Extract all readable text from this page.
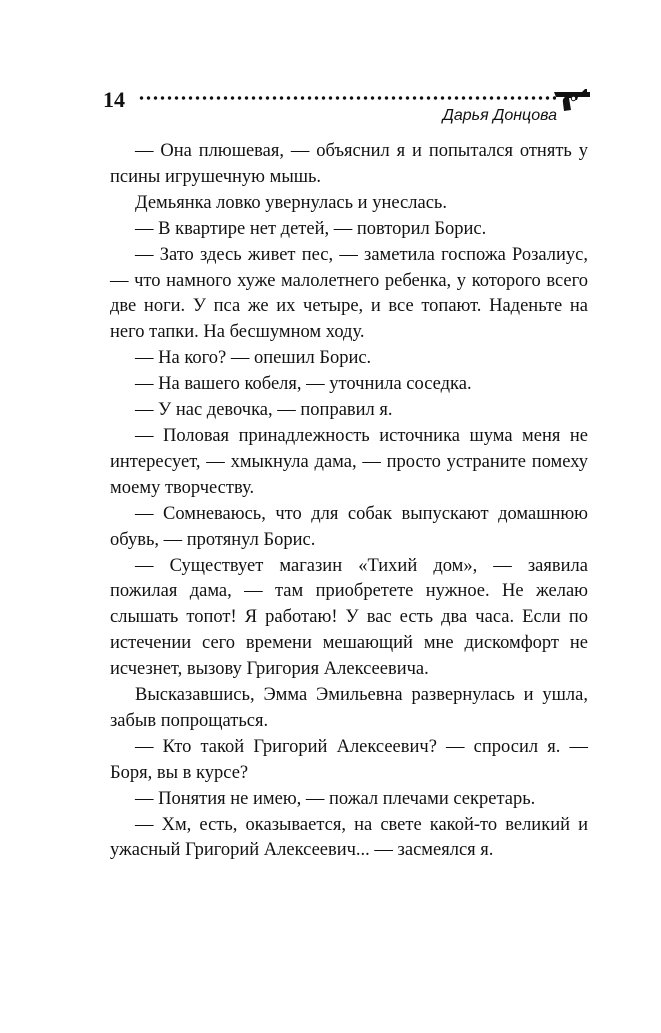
14
Дарья Донцова

— Она плюшевая, — объяснил я и попытался отнять у псины игрушечную мышь.

Демьянка ловко увернулась и унеслась.

— В квартире нет детей, — повторил Борис.

— Зато здесь живет пес, — заметила госпожа Розалиус, — что намного хуже малолетнего ребенка, у которого всего две ноги. У пса же их четыре, и все топают. Наденьте на него тапки. На бесшумном ходу.

— На кого? — опешил Борис.

— На вашего кобеля, — уточнила соседка.

— У нас девочка, — поправил я.

— Половая принадлежность источника шума меня не интересует, — хмыкнула дама, — просто устраните помеху моему творчеству.

— Сомневаюсь, что для собак выпускают домашнюю обувь, — протянул Борис.

— Существует магазин «Тихий дом», — заявила пожилая дама, — там приобретете нужное. Не желаю слышать топот! Я работаю! У вас есть два часа. Если по истечении сего времени мешающий мне дискомфорт не исчезнет, вызову Григория Алексеевича.

Высказавшись, Эмма Эмильевна развернулась и ушла, забыв попрощаться.

— Кто такой Григорий Алексеевич? — спросил я. — Боря, вы в курсе?

— Понятия не имею, — пожал плечами секретарь.

— Хм, есть, оказывается, на свете какой-то великий и ужасный Григорий Алексеевич... — засмеялся я.
